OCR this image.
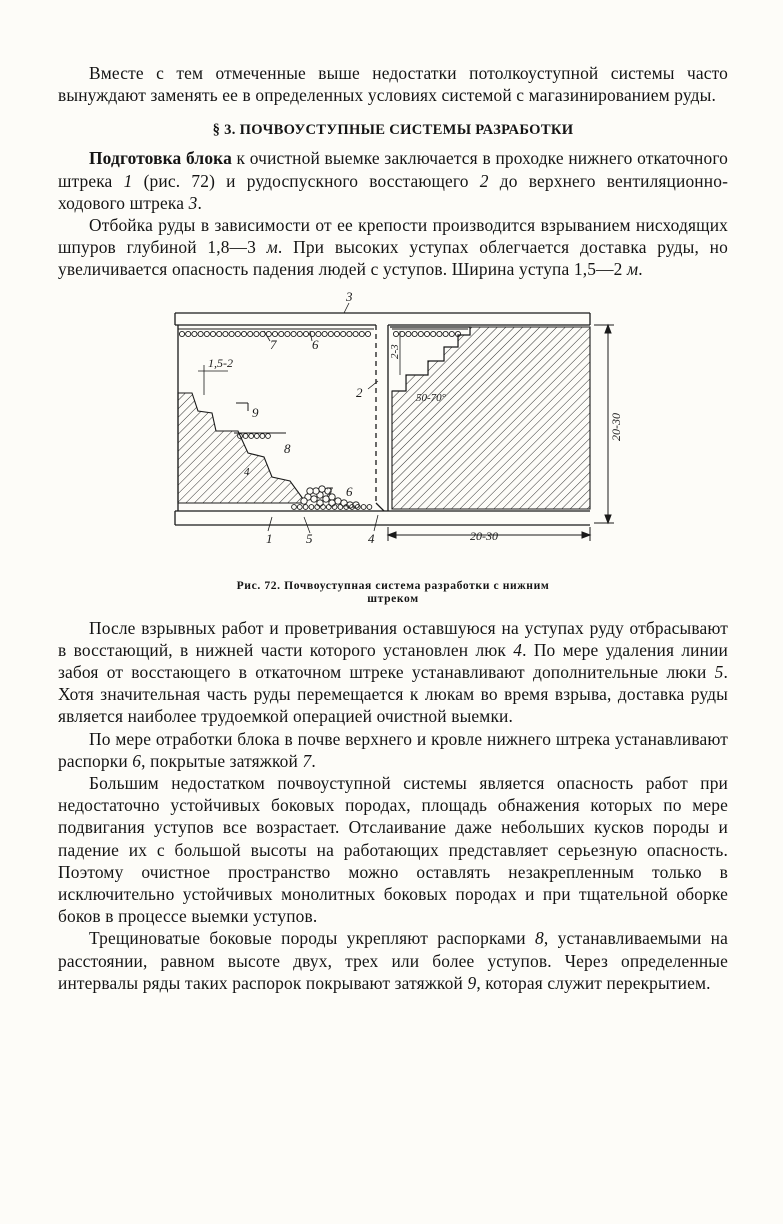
Вместе с тем отмеченные выше недостатки потолкоуступной системы часто вынуждают заменять ее в определенных условиях системой с магазинированием руды.

§ 3. ПОЧВОУСТУПНЫЕ СИСТЕМЫ РАЗРАБОТКИ

Подготовка блока к очистной выемке заключается в проходке нижнего откаточного штрека 1 (рис. 72) и рудоспускного восстающего 2 до верхнего вентиляционно-ходового штрека 3.

Отбойка руды в зависимости от ее крепости производится взрыванием нисходящих шпуров глубиной 1,8—3 м. При высоких уступах облегчается доставка руды, но увеличивается опасность падения людей с уступов. Ширина уступа 1,5—2 м.

3
7	6
2
2-3
50-70°
20-30
1,5-2
9
8
7 6
1	5
4
4	20-30
Рис. 72. Почвоуступная система разработки с нижним
штреком

После взрывных работ и проветривания оставшуюся на уступах руду отбрасывают в восстающий, в нижней части которого установлен люк 4. По мере удаления линии забоя от восстающего в откаточном штреке устанавливают дополнительные люки 5. Хотя значительная часть руды перемещается к люкам во время взрыва, доставка руды является наиболее трудоемкой операцией очистной выемки.

По мере отработки блока в почве верхнего и кровле нижнего штрека устанавливают распорки 6, покрытые затяжкой 7.

Большим недостатком почвоуступной системы является опасность работ при недостаточно устойчивых боковых породах, площадь обнажения которых по мере подвигания уступов все возрастает. Отслаивание даже небольших кусков породы и падение их с большой высоты на работающих представляет серьезную опасность. Поэтому очистное пространство можно оставлять незакрепленным только в исключительно устойчивых монолитных боковых породах и при тщательной оборке боков в процессе выемки уступов.

Трещиноватые боковые породы укрепляют распорками 8, устанавливаемыми на расстоянии, равном высоте двух, трех или более уступов. Через определенные интервалы ряды таких распорок покрывают затяжкой 9, которая служит перекрытием.
